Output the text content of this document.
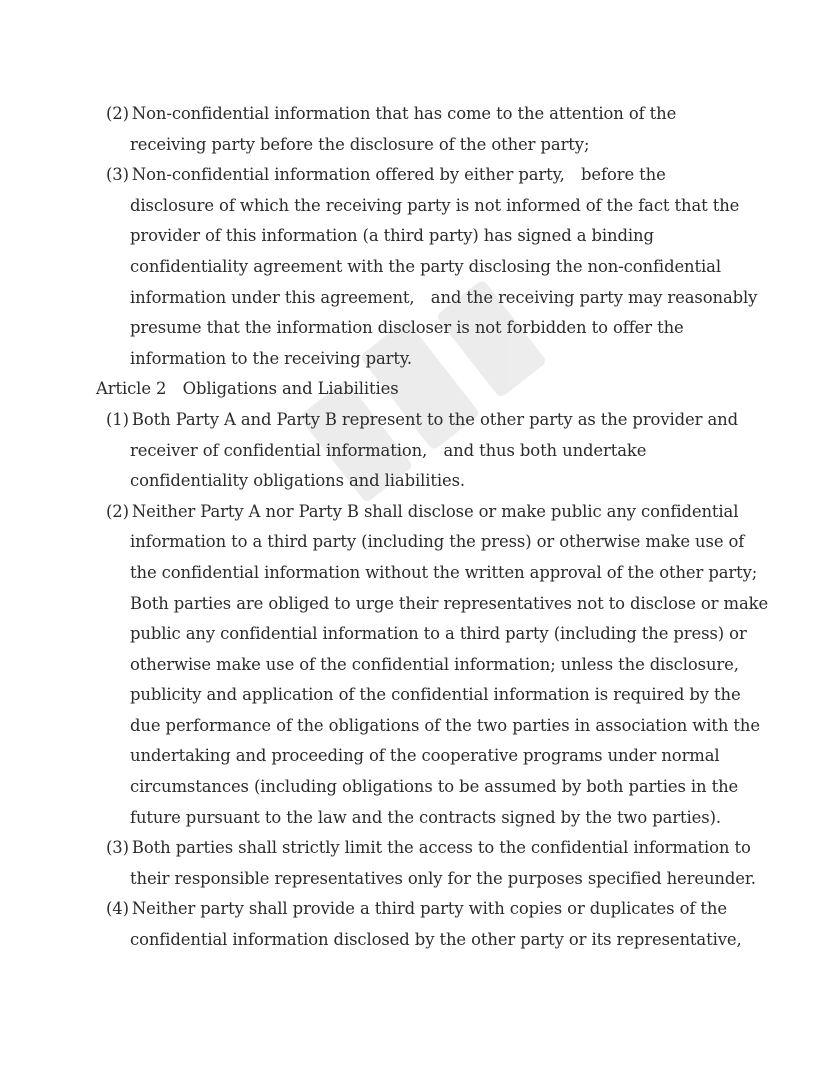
(2) Non-confidential information that has come to the attention of the
receiving party before the disclosure of the other party;
(3) Non-confidential information offered by either party,　before the
disclosure of which the receiving party is not informed of the fact that the
provider of this information (a third party) has signed a binding
confidentiality agreement with the party disclosing the non-confidential
information under this agreement,　and the receiving party may reasonably
presume that the information discloser is not forbidden to offer the
information to the receiving party.
Article 2　Obligations and Liabilities
(1) Both Party A and Party B represent to the other party as the provider and
receiver of confidential information,　and thus both undertake
confidentiality obligations and liabilities.
(2) Neither Party A nor Party B shall disclose or make public any confidential
information to a third party (including the press) or otherwise make use of
the confidential information without the written approval of the other party;
Both parties are obliged to urge their representatives not to disclose or make
public any confidential information to a third party (including the press) or
otherwise make use of the confidential information; unless the disclosure,
publicity and application of the confidential information is required by the
due performance of the obligations of the two parties in association with the
undertaking and proceeding of the cooperative programs under normal
circumstances (including obligations to be assumed by both parties in the
future pursuant to the law and the contracts signed by the two parties).
(3) Both parties shall strictly limit the access to the confidential information to
their responsible representatives only for the purposes specified hereunder.
(4) Neither party shall provide a third party with copies or duplicates of the
confidential information disclosed by the other party or its representative,
